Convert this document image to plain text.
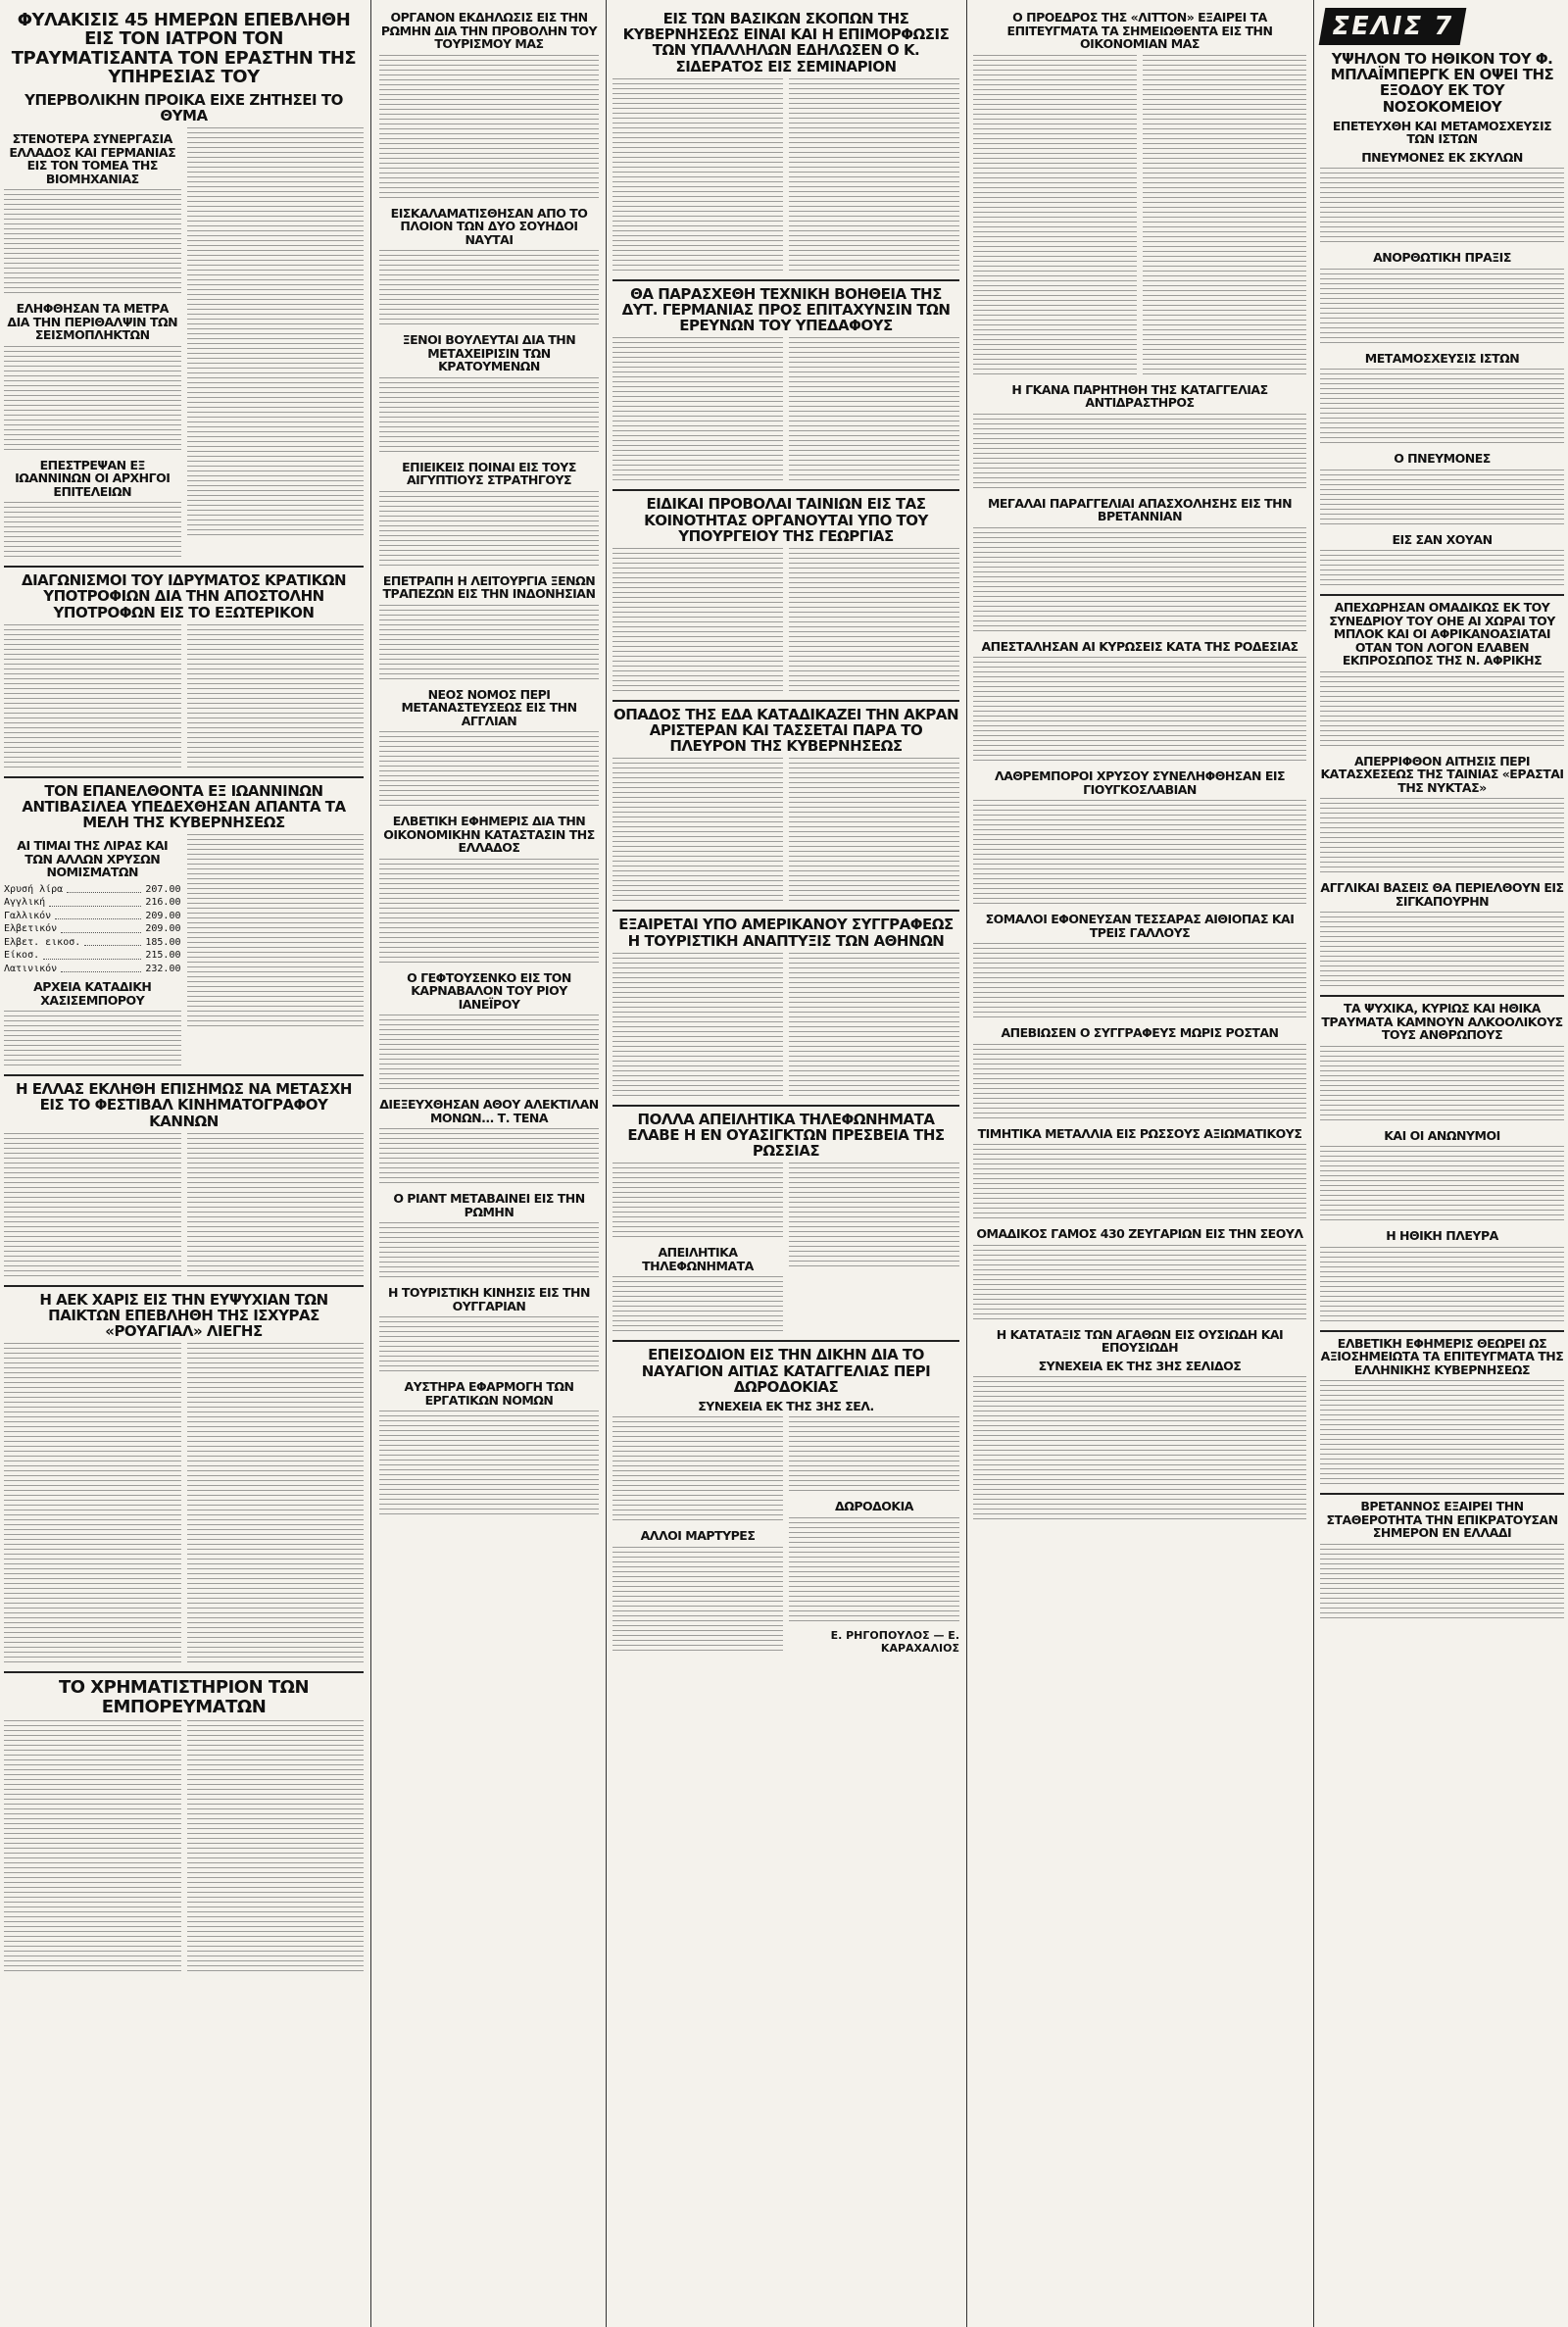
ΦΥΛΑΚΙΣΙΣ 45 ΗΜΕΡΩΝ ΕΠΕΒΛΗΘΗ ΕΙΣ ΤΟΝ ΙΑΤΡΟΝ ΤΟΝ ΤΡΑΥΜΑΤΙΣΑΝΤΑ ΤΟΝ ΕΡΑΣΤΗΝ ΤΗΣ ΥΠΗΡΕΣΙΑΣ ΤΟΥ
ΥΠΕΡΒΟΛΙΚΗΝ ΠΡΟΙΚΑ ΕΙΧΕ ΖΗΤΗΣΕΙ ΤΟ ΘΥΜΑ
ΣΤΕΝΟΤΕΡΑ ΣΥΝΕΡΓΑΣΙΑ ΕΛΛΑΔΟΣ ΚΑΙ ΓΕΡΜΑΝΙΑΣ ΕΙΣ ΤΟΝ ΤΟΜΕΑ ΤΗΣ ΒΙΟΜΗΧΑΝΙΑΣ
ΕΛΗΦΘΗΣΑΝ ΤΑ ΜΕΤΡΑ ΔΙΑ ΤΗΝ ΠΕΡΙΘΑΛΨΙΝ ΤΩΝ ΣΕΙΣΜΟΠΛΗΚΤΩΝ
ΕΠΕΣΤΡΕΨΑΝ ΕΞ ΙΩΑΝΝΙΝΩΝ ΟΙ ΑΡΧΗΓΟΙ ΕΠΙΤΕΛΕΙΩΝ
ΔΙΑΓΩΝΙΣΜΟΙ ΤΟΥ ΙΔΡΥΜΑΤΟΣ ΚΡΑΤΙΚΩΝ ΥΠΟΤΡΟΦΙΩΝ ΔΙΑ ΤΗΝ ΑΠΟΣΤΟΛΗΝ ΥΠΟΤΡΟΦΩΝ ΕΙΣ ΤΟ ΕΞΩΤΕΡΙΚΟΝ
ΤΟΝ ΕΠΑΝΕΛΘΟΝΤΑ ΕΞ ΙΩΑΝΝΙΝΩΝ ΑΝΤΙΒΑΣΙΛΕΑ ΥΠΕΔΕΧΘΗΣΑΝ ΑΠΑΝΤΑ ΤΑ ΜΕΛΗ ΤΗΣ ΚΥΒΕΡΝΗΣΕΩΣ
ΑΙ ΤΙΜΑΙ ΤΗΣ ΛΙΡΑΣ ΚΑΙ ΤΩΝ ΑΛΛΩΝ ΧΡΥΣΩΝ ΝΟΜΙΣΜΑΤΩΝ
Χρυσή λίρα	207.00
Αγγλική	216.00
Γαλλικόν	209.00
Ελβετικόν	209.00
Ελβετ. εικοσ.	185.00
Είκοσ.	215.00
Λατινικόν	232.00
ΑΡΧΕΙΑ ΚΑΤΑΔΙΚΗ ΧΑΣΙΣΕΜΠΟΡΟΥ
Η ΕΛΛΑΣ ΕΚΛΗΘΗ ΕΠΙΣΗΜΩΣ ΝΑ ΜΕΤΑΣΧΗ ΕΙΣ ΤΟ ΦΕΣΤΙΒΑΛ ΚΙΝΗΜΑΤΟΓΡΑΦΟΥ ΚΑΝΝΩΝ
Η ΑΕΚ ΧΑΡΙΣ ΕΙΣ ΤΗΝ ΕΥΨΥΧΙΑΝ ΤΩΝ ΠΑΙΚΤΩΝ ΕΠΕΒΛΗΘΗ ΤΗΣ ΙΣΧΥΡΑΣ «ΡΟΥΑΓΙΑΛ» ΛΙΕΓΗΣ
ΤΟ ΧΡΗΜΑΤΙΣΤΗΡΙΟΝ ΤΩΝ ΕΜΠΟΡΕΥΜΑΤΩΝ
ΟΡΓΑΝΟΝ ΕΚΔΗΛΩΣΙΣ ΕΙΣ ΤΗΝ ΡΩΜΗΝ ΔΙΑ ΤΗΝ ΠΡΟΒΟΛΗΝ ΤΟΥ ΤΟΥΡΙΣΜΟΥ ΜΑΣ
ΕΙΣΚΑΛΑΜΑΤΙΣΘΗΣΑΝ ΑΠΟ ΤΟ ΠΛΟΙΟΝ ΤΩΝ ΔΥΟ ΣΟΥΗΔΟΙ ΝΑΥΤΑΙ
ΞΕΝΟΙ ΒΟΥΛΕΥΤΑΙ ΔΙΑ ΤΗΝ ΜΕΤΑΧΕΙΡΙΣΙΝ ΤΩΝ ΚΡΑΤΟΥΜΕΝΩΝ
ΕΠΙΕΙΚΕΙΣ ΠΟΙΝΑΙ ΕΙΣ ΤΟΥΣ ΑΙΓΥΠΤΙΟΥΣ ΣΤΡΑΤΗΓΟΥΣ
ΕΠΕΤΡΑΠΗ Η ΛΕΙΤΟΥΡΓΙΑ ΞΕΝΩΝ ΤΡΑΠΕΖΩΝ ΕΙΣ ΤΗΝ ΙΝΔΟΝΗΣΙΑΝ
ΝΕΟΣ ΝΟΜΟΣ ΠΕΡΙ ΜΕΤΑΝΑΣΤΕΥΣΕΩΣ ΕΙΣ ΤΗΝ ΑΓΓΛΙΑΝ
ΕΛΒΕΤΙΚΗ ΕΦΗΜΕΡΙΣ ΔΙΑ ΤΗΝ ΟΙΚΟΝΟΜΙΚΗΝ ΚΑΤΑΣΤΑΣΙΝ ΤΗΣ ΕΛΛΑΔΟΣ
Ο ΓΕΦΤΟΥΣΕΝΚΟ ΕΙΣ ΤΟΝ ΚΑΡΝΑΒΑΛΟΝ ΤΟΥ ΡΙΟΥ ΙΑΝΕΪΡΟΥ
ΔΙΕΞΕΥΧΘΗΣΑΝ ΑΘΟΥ ΑΛΕΚΤΙΛΑΝ ΜΟΝΩΝ... Τ. ΤΕΝΑ
Ο ΡΙΑΝΤ ΜΕΤΑΒΑΙΝΕΙ ΕΙΣ ΤΗΝ ΡΩΜΗΝ
Η ΤΟΥΡΙΣΤΙΚΗ ΚΙΝΗΣΙΣ ΕΙΣ ΤΗΝ ΟΥΓΓΑΡΙΑΝ
ΑΥΣΤΗΡΑ ΕΦΑΡΜΟΓΗ ΤΩΝ ΕΡΓΑΤΙΚΩΝ ΝΟΜΩΝ
ΕΙΣ ΤΩΝ ΒΑΣΙΚΩΝ ΣΚΟΠΩΝ ΤΗΣ ΚΥΒΕΡΝΗΣΕΩΣ ΕΙΝΑΙ ΚΑΙ Η ΕΠΙΜΟΡΦΩΣΙΣ ΤΩΝ ΥΠΑΛΛΗΛΩΝ ΕΔΗΛΩΣΕΝ Ο Κ. ΣΙΔΕΡΑΤΟΣ ΕΙΣ ΣΕΜΙΝΑΡΙΟΝ
ΘΑ ΠΑΡΑΣΧΕΘΗ ΤΕΧΝΙΚΗ ΒΟΗΘΕΙΑ ΤΗΣ ΔΥΤ. ΓΕΡΜΑΝΙΑΣ ΠΡΟΣ ΕΠΙΤΑΧΥΝΣΙΝ ΤΩΝ ΕΡΕΥΝΩΝ ΤΟΥ ΥΠΕΔΑΦΟΥΣ
ΕΙΔΙΚΑΙ ΠΡΟΒΟΛΑΙ ΤΑΙΝΙΩΝ ΕΙΣ ΤΑΣ ΚΟΙΝΟΤΗΤΑΣ ΟΡΓΑΝΟΥΤΑΙ ΥΠΟ ΤΟΥ ΥΠΟΥΡΓΕΙΟΥ ΤΗΣ ΓΕΩΡΓΙΑΣ
ΟΠΑΔΟΣ ΤΗΣ ΕΔΑ ΚΑΤΑΔΙΚΑΖΕΙ ΤΗΝ ΑΚΡΑΝ ΑΡΙΣΤΕΡΑΝ ΚΑΙ ΤΑΣΣΕΤΑΙ ΠΑΡΑ ΤΟ ΠΛΕΥΡΟΝ ΤΗΣ ΚΥΒΕΡΝΗΣΕΩΣ
ΕΞΑΙΡΕΤΑΙ ΥΠΟ ΑΜΕΡΙΚΑΝΟΥ ΣΥΓΓΡΑΦΕΩΣ Η ΤΟΥΡΙΣΤΙΚΗ ΑΝΑΠΤΥΞΙΣ ΤΩΝ ΑΘΗΝΩΝ
ΠΟΛΛΑ ΑΠΕΙΛΗΤΙΚΑ ΤΗΛΕΦΩΝΗΜΑΤΑ ΕΛΑΒΕ Η ΕΝ ΟΥΑΣΙΓΚΤΩΝ ΠΡΕΣΒΕΙΑ ΤΗΣ ΡΩΣΣΙΑΣ
ΑΠΕΙΛΗΤΙΚΑ ΤΗΛΕΦΩΝΗΜΑΤΑ
ΕΠΕΙΣΟΔΙΟΝ ΕΙΣ ΤΗΝ ΔΙΚΗΝ ΔΙΑ ΤΟ ΝΑΥΑΓΙΟΝ ΑΙΤΙΑΣ ΚΑΤΑΓΓΕΛΙΑΣ ΠΕΡΙ ΔΩΡΟΔΟΚΙΑΣ
ΣΥΝΕΧΕΙΑ ΕΚ ΤΗΣ 3ΗΣ ΣΕΛ.
ΑΛΛΟΙ ΜΑΡΤΥΡΕΣ
ΔΩΡΟΔΟΚΙΑ
Ε. ΡΗΓΟΠΟΥΛΟΣ — Ε. ΚΑΡΑΧΑΛΙΟΣ
Ο ΠΡΟΕΔΡΟΣ ΤΗΣ «ΛΙΤΤΟΝ» ΕΞΑΙΡΕΙ ΤΑ ΕΠΙΤΕΥΓΜΑΤΑ ΤΑ ΣΗΜΕΙΩΘΕΝΤΑ ΕΙΣ ΤΗΝ ΟΙΚΟΝΟΜΙΑΝ ΜΑΣ
Η ΓΚΑΝΑ ΠΑΡΗΤΗΘΗ ΤΗΣ ΚΑΤΑΓΓΕΛΙΑΣ ΑΝΤΙΔΡΑΣΤΗΡΟΣ
ΜΕΓΑΛΑΙ ΠΑΡΑΓΓΕΛΙΑΙ ΑΠΑΣΧΟΛΗΣΗΣ ΕΙΣ ΤΗΝ ΒΡΕΤΑΝΝΙΑΝ
ΑΠΕΣΤΑΛΗΣΑΝ ΑΙ ΚΥΡΩΣΕΙΣ ΚΑΤΑ ΤΗΣ ΡΟΔΕΣΙΑΣ
ΛΑΘΡΕΜΠΟΡΟΙ ΧΡΥΣΟΥ ΣΥΝΕΛΗΦΘΗΣΑΝ ΕΙΣ ΓΙΟΥΓΚΟΣΛΑΒΙΑΝ
ΣΟΜΑΛΟΙ ΕΦΟΝΕΥΣΑΝ ΤΕΣΣΑΡΑΣ ΑΙΘΙΟΠΑΣ ΚΑΙ ΤΡΕΙΣ ΓΑΛΛΟΥΣ
ΑΠΕΒΙΩΣΕΝ Ο ΣΥΓΓΡΑΦΕΥΣ ΜΩΡΙΣ ΡΟΣΤΑΝ
ΤΙΜΗΤΙΚΑ ΜΕΤΑΛΛΙΑ ΕΙΣ ΡΩΣΣΟΥΣ ΑΞΙΩΜΑΤΙΚΟΥΣ
ΟΜΑΔΙΚΟΣ ΓΑΜΟΣ 430 ΖΕΥΓΑΡΙΩΝ ΕΙΣ ΤΗΝ ΣΕΟΥΛ
Η ΚΑΤΑΤΑΞΙΣ ΤΩΝ ΑΓΑΘΩΝ ΕΙΣ ΟΥΣΙΩΔΗ ΚΑΙ ΕΠΟΥΣΙΩΔΗ
ΣΥΝΕΧΕΙΑ ΕΚ ΤΗΣ 3ΗΣ ΣΕΛΙΔΟΣ
ΣΕΛΙΣ 7
ΥΨΗΛΟΝ ΤΟ ΗΘΙΚΟΝ ΤΟΥ Φ. ΜΠΛΑΪΜΠΕΡΓΚ ΕΝ ΟΨΕΙ ΤΗΣ ΕΞΟΔΟΥ ΕΚ ΤΟΥ ΝΟΣΟΚΟΜΕΙΟΥ
ΕΠΕΤΕΥΧΘΗ ΚΑΙ ΜΕΤΑΜΟΣΧΕΥΣΙΣ ΤΩΝ ΙΣΤΩΝ
ΠΝΕΥΜΟΝΕΣ ΕΚ ΣΚΥΛΩΝ
ΑΝΟΡΘΩΤΙΚΗ ΠΡΑΞΙΣ
ΜΕΤΑΜΟΣΧΕΥΣΙΣ ΙΣΤΩΝ
Ο ΠΝΕΥΜΟΝΕΣ
ΕΙΣ ΣΑΝ ΧΟΥΑΝ
ΑΠΕΧΩΡΗΣΑΝ ΟΜΑΔΙΚΩΣ ΕΚ ΤΟΥ ΣΥΝΕΔΡΙΟΥ ΤΟΥ ΟΗΕ ΑΙ ΧΩΡΑΙ ΤΟΥ ΜΠΛΟΚ ΚΑΙ ΟΙ ΑΦΡΙΚΑΝΟΑΣΙΑΤΑΙ ΟΤΑΝ ΤΟΝ ΛΟΓΟΝ ΕΛΑΒΕΝ ΕΚΠΡΟΣΩΠΟΣ ΤΗΣ Ν. ΑΦΡΙΚΗΣ
ΑΠΕΡΡΙΦΘΟΝ ΑΙΤΗΣΙΣ ΠΕΡΙ ΚΑΤΑΣΧΕΣΕΩΣ ΤΗΣ ΤΑΙΝΙΑΣ «ΕΡΑΣΤΑΙ ΤΗΣ ΝΥΚΤΑΣ»
ΑΓΓΛΙΚΑΙ ΒΑΣΕΙΣ ΘΑ ΠΕΡΙΕΛΘΟΥΝ ΕΙΣ ΣΙΓΚΑΠΟΥΡΗΝ
ΤΑ ΨΥΧΙΚΑ, ΚΥΡΙΩΣ ΚΑΙ ΗΘΙΚΑ ΤΡΑΥΜΑΤΑ ΚΑΜΝΟΥΝ ΑΛΚΟΟΛΙΚΟΥΣ ΤΟΥΣ ΑΝΘΡΩΠΟΥΣ
ΚΑΙ ΟΙ ΑΝΩΝΥΜΟΙ
Η ΗΘΙΚΗ ΠΛΕΥΡΑ
ΕΛΒΕΤΙΚΗ ΕΦΗΜΕΡΙΣ ΘΕΩΡΕΙ ΩΣ ΑΞΙΟΣΗΜΕΙΩΤΑ ΤΑ ΕΠΙΤΕΥΓΜΑΤΑ ΤΗΣ ΕΛΛΗΝΙΚΗΣ ΚΥΒΕΡΝΗΣΕΩΣ
ΒΡΕΤΑΝΝΟΣ ΕΞΑΙΡΕΙ ΤΗΝ ΣΤΑΘΕΡΟΤΗΤΑ ΤΗΝ ΕΠΙΚΡΑΤΟΥΣΑΝ ΣΗΜΕΡΟΝ ΕΝ ΕΛΛΑΔΙ
